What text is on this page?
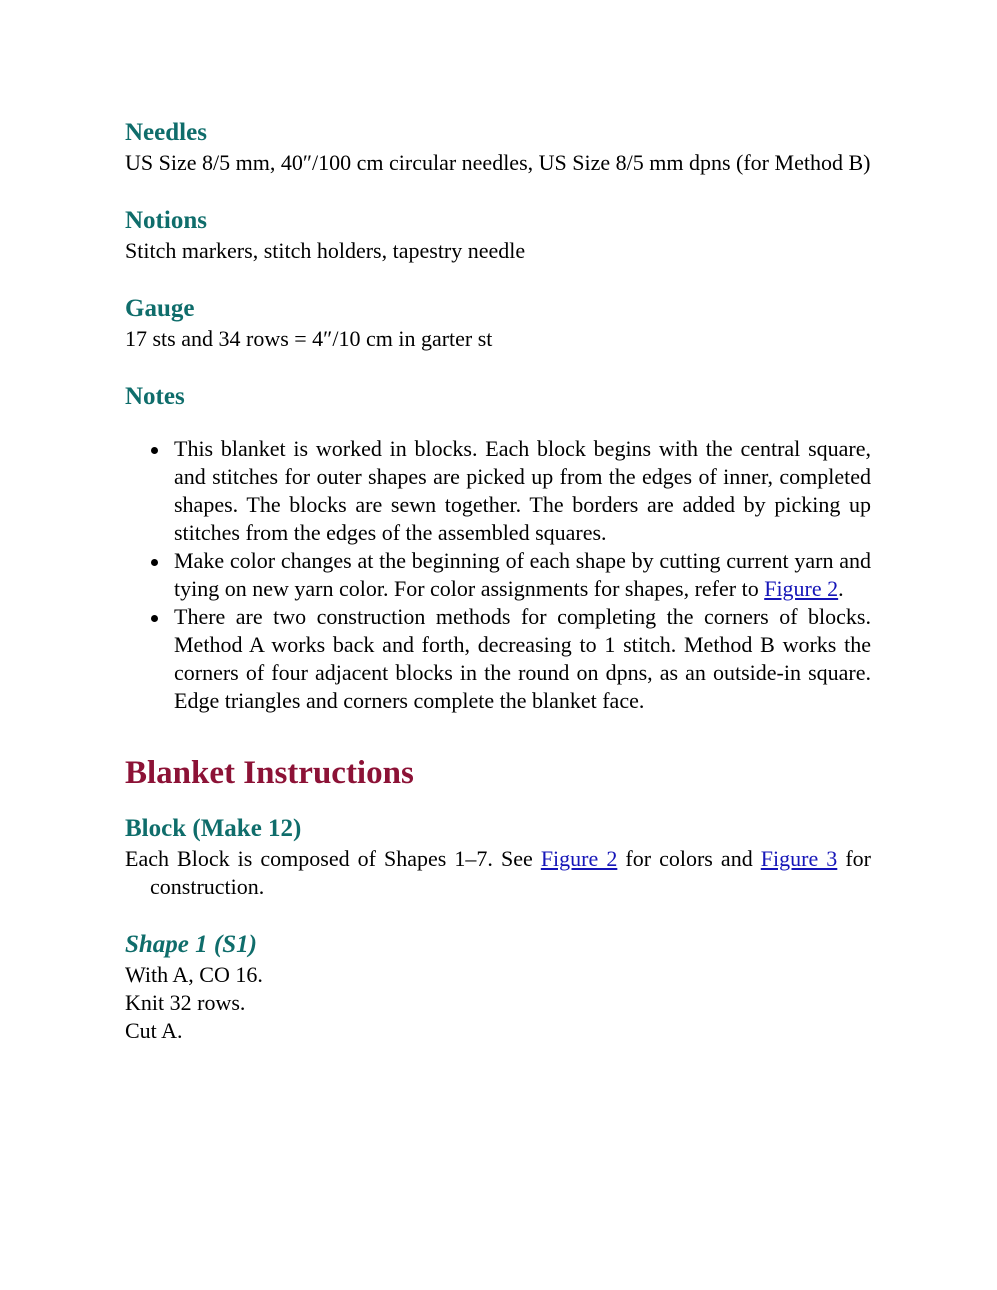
Needles

US Size 8/5 mm, 40″/100 cm circular needles, US Size 8/5 mm dpns (for Method B)

Notions

Stitch markers, stitch holders, tapestry needle

Gauge

17 sts and 34 rows = 4″/10 cm in garter st

Notes
This blanket is worked in blocks. Each block begins with the central square, and stitches for outer shapes are picked up from the edges of inner, completed shapes. The blocks are sewn together. The borders are added by picking up stitches from the edges of the assembled squares.
Make color changes at the beginning of each shape by cutting current yarn and tying on new yarn color. For color assignments for shapes, refer to Figure 2.
There are two construction methods for completing the corners of blocks. Method A works back and forth, decreasing to 1 stitch. Method B works the corners of four adjacent blocks in the round on dpns, as an outside-in square. Edge triangles and corners complete the blanket face.
Blanket Instructions
Block (Make 12)

Each Block is composed of Shapes 1–7. See Figure 2 for colors and Figure 3 for construction.

Shape 1 (S1)

With A, CO 16.

Knit 32 rows.

Cut A.
